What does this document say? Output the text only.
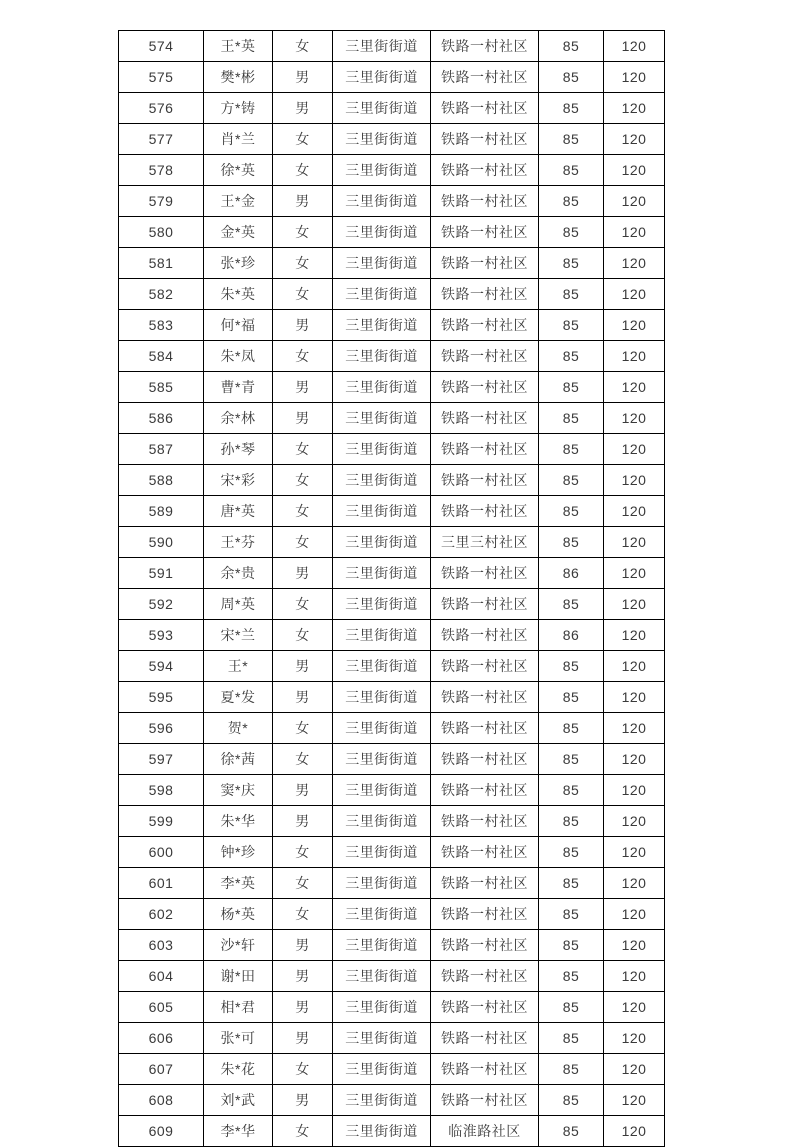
574	王*英	女	三里街街道	铁路一村社区	85	120
575	樊*彬	男	三里街街道	铁路一村社区	85	120
576	方*铸	男	三里街街道	铁路一村社区	85	120
577	肖*兰	女	三里街街道	铁路一村社区	85	120
578	徐*英	女	三里街街道	铁路一村社区	85	120
579	王*金	男	三里街街道	铁路一村社区	85	120
580	金*英	女	三里街街道	铁路一村社区	85	120
581	张*珍	女	三里街街道	铁路一村社区	85	120
582	朱*英	女	三里街街道	铁路一村社区	85	120
583	何*福	男	三里街街道	铁路一村社区	85	120
584	朱*凤	女	三里街街道	铁路一村社区	85	120
585	曹*青	男	三里街街道	铁路一村社区	85	120
586	余*林	男	三里街街道	铁路一村社区	85	120
587	孙*琴	女	三里街街道	铁路一村社区	85	120
588	宋*彩	女	三里街街道	铁路一村社区	85	120
589	唐*英	女	三里街街道	铁路一村社区	85	120
590	王*芬	女	三里街街道	三里三村社区	85	120
591	余*贵	男	三里街街道	铁路一村社区	86	120
592	周*英	女	三里街街道	铁路一村社区	85	120
593	宋*兰	女	三里街街道	铁路一村社区	86	120
594	王*	男	三里街街道	铁路一村社区	85	120
595	夏*发	男	三里街街道	铁路一村社区	85	120
596	贺*	女	三里街街道	铁路一村社区	85	120
597	徐*茜	女	三里街街道	铁路一村社区	85	120
598	窦*庆	男	三里街街道	铁路一村社区	85	120
599	朱*华	男	三里街街道	铁路一村社区	85	120
600	钟*珍	女	三里街街道	铁路一村社区	85	120
601	李*英	女	三里街街道	铁路一村社区	85	120
602	杨*英	女	三里街街道	铁路一村社区	85	120
603	沙*轩	男	三里街街道	铁路一村社区	85	120
604	谢*田	男	三里街街道	铁路一村社区	85	120
605	相*君	男	三里街街道	铁路一村社区	85	120
606	张*可	男	三里街街道	铁路一村社区	85	120
607	朱*花	女	三里街街道	铁路一村社区	85	120
608	刘*武	男	三里街街道	铁路一村社区	85	120
609	李*华	女	三里街街道	临淮路社区	85	120
